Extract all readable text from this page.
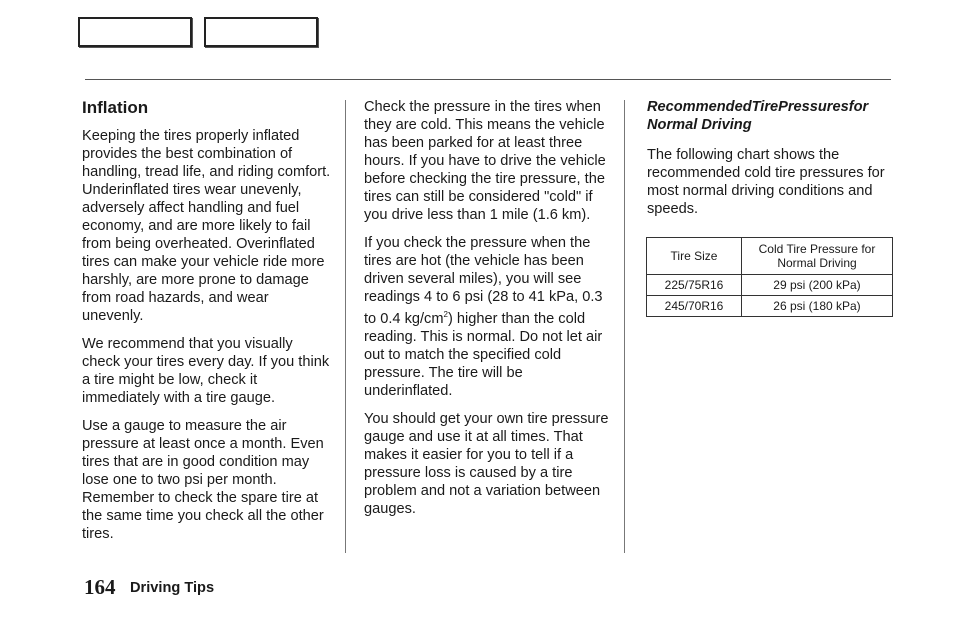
Inflation

Keeping the tires properly inflated provides the best combination of handling, tread life, and riding comfort. Underinflated tires wear unevenly, adversely affect handling and fuel economy, and are more likely to fail from being overheated. Overinflated tires can make your vehicle ride more harshly, are more prone to damage from road hazards, and wear unevenly.

We recommend that you visually check your tires every day. If you think a tire might be low, check it immediately with a tire gauge.

Use a gauge to measure the air pressure at least once a month. Even tires that are in good condition may lose one to two psi per month. Remember to check the spare tire at the same time you check all the other tires.

Check the pressure in the tires when they are cold. This means the vehicle has been parked for at least three hours. If you have to drive the vehicle before checking the tire pressure, the tires can still be considered "cold" if you drive less than 1 mile (1.6 km).

If you check the pressure when the tires are hot (the vehicle has been driven several miles), you will see readings 4 to 6 psi (28 to 41 kPa, 0.3 to 0.4 $kg/cm^2$) higher than the cold reading. This is normal. Do not let air out to match the specified cold pressure. The tire will be underinflated.

You should get your own tire pressure gauge and use it at all times. That makes it easier for you to tell if a pressure loss is caused by a tire problem and not a variation between gauges.

RecommendedTirePressuresfor Normal Driving

The following chart shows the recommended cold tire pressures for most normal driving conditions and speeds.

Tire Size	Cold Tire Pressure for Normal Driving
225/75R16	29 psi (200 kPa)
245/70R16	26 psi (180 kPa)
164 Driving Tips
